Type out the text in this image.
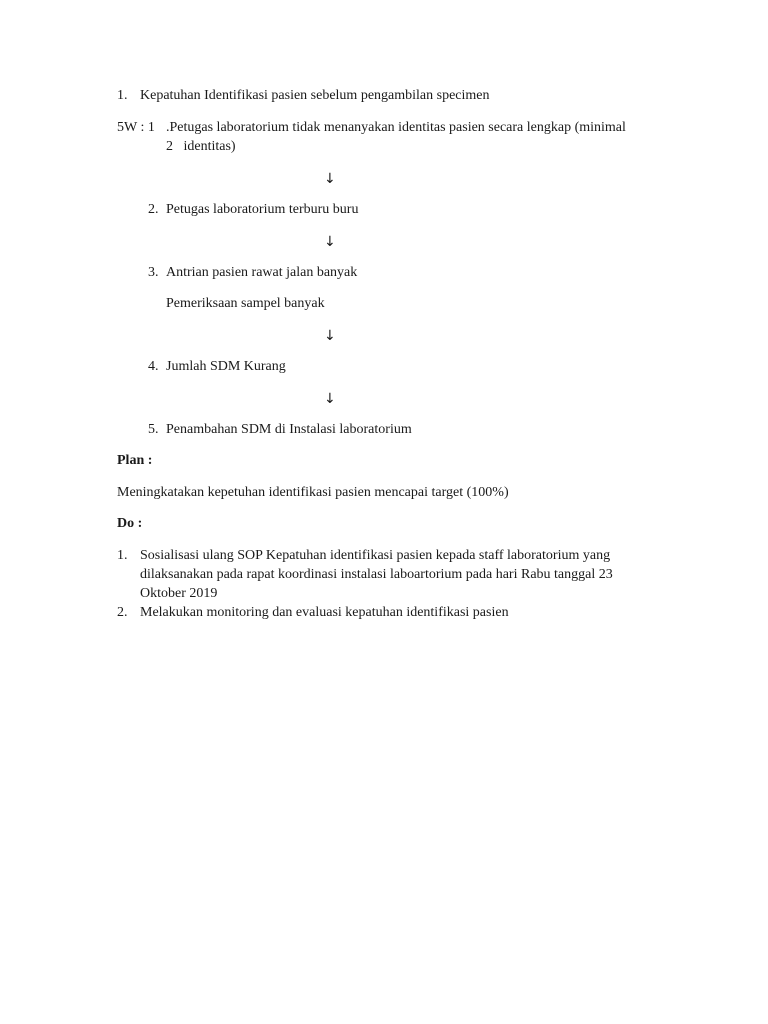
1. Kepatuhan Identifikasi pasien sebelum pengambilan specimen
5W : 1 .Petugas laboratorium tidak menanyakan identitas pasien secara lengkap (minimal
2   identitas)
↓
2. Petugas laboratorium terburu buru
↓
3. Antrian pasien rawat jalan banyak
Pemeriksaan sampel banyak
↓
4. Jumlah SDM Kurang
↓
5. Penambahan SDM di Instalasi laboratorium
Plan :
Meningkatakan kepetuhan identifikasi pasien mencapai target (100%)
Do :
1. Sosialisasi ulang SOP Kepatuhan identifikasi pasien kepada staff laboratorium yang
dilaksanakan pada rapat koordinasi instalasi laboartorium pada hari Rabu tanggal 23
Oktober 2019
2. Melakukan monitoring dan evaluasi kepatuhan identifikasi pasien
